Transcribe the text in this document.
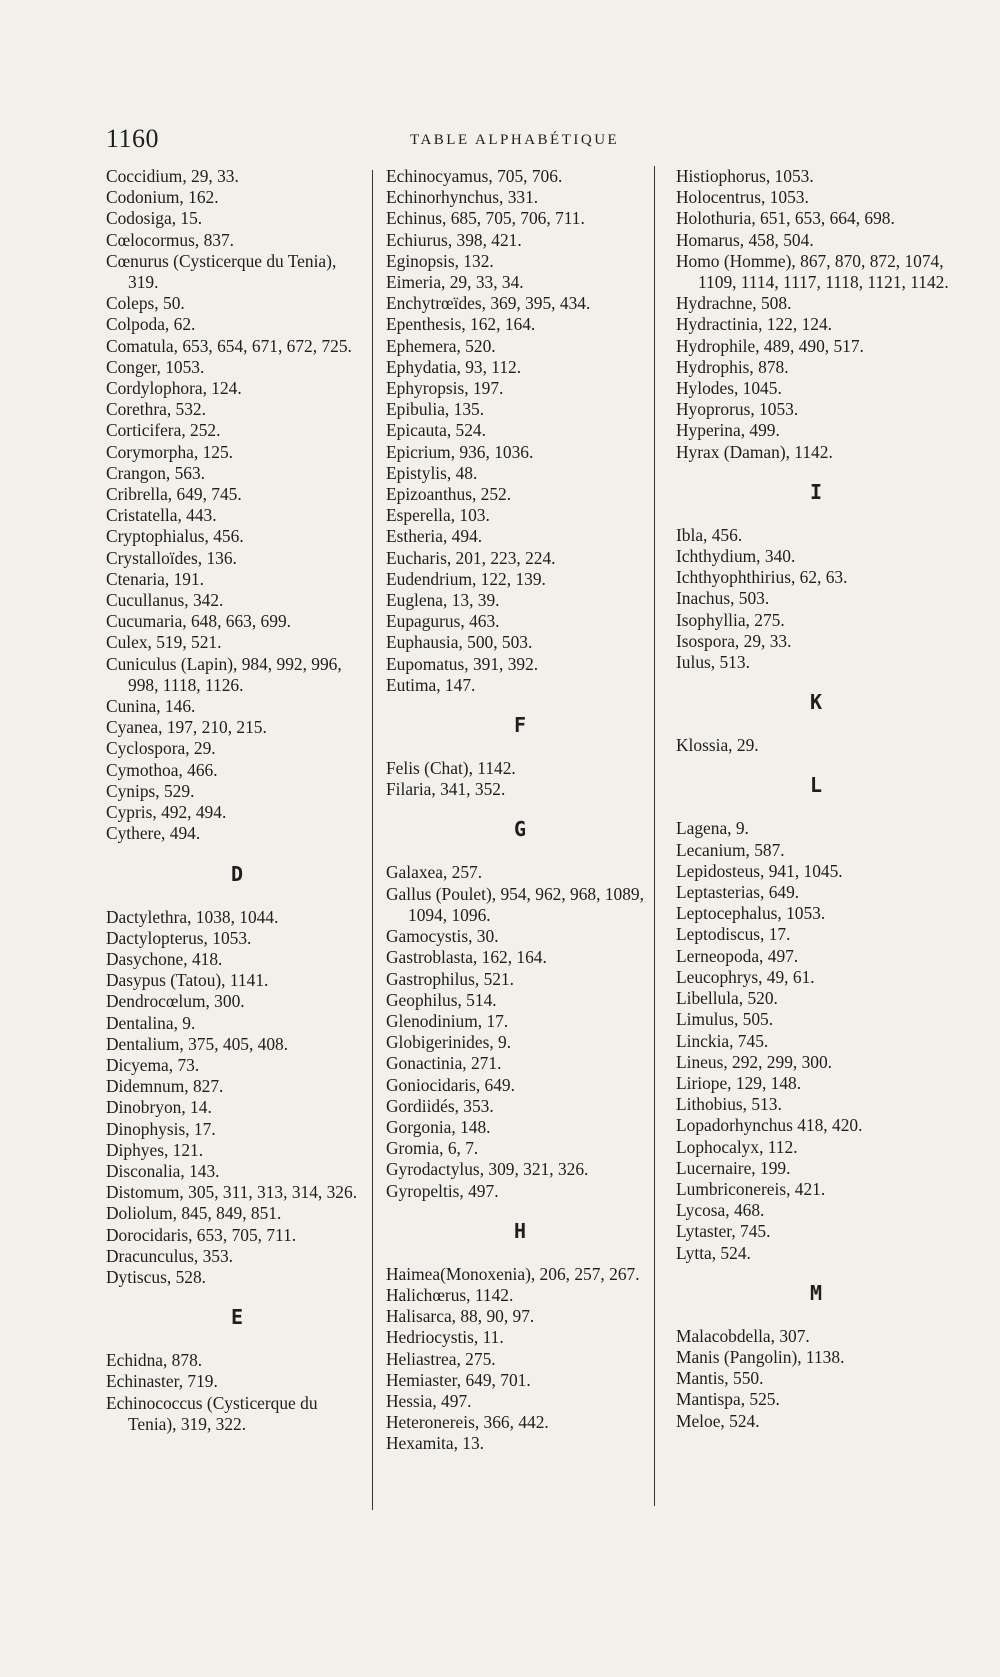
1160	TABLE ALPHABÉTIQUE
Coccidium, 29, 33.
Codonium, 162.
Codosiga, 15.
Cœlocormus, 837.
Cœnurus (Cysticerque du Tenia), 319.
Coleps, 50.
Colpoda, 62.
Comatula, 653, 654, 671, 672, 725.
Conger, 1053.
Cordylophora, 124.
Corethra, 532.
Corticifera, 252.
Corymorpha, 125.
Crangon, 563.
Cribrella, 649, 745.
Cristatella, 443.
Cryptophialus, 456.
Crystalloïdes, 136.
Ctenaria, 191.
Cucullanus, 342.
Cucumaria, 648, 663, 699.
Culex, 519, 521.
Cuniculus (Lapin), 984, 992, 996, 998, 1118, 1126.
Cunina, 146.
Cyanea, 197, 210, 215.
Cyclospora, 29.
Cymothoa, 466.
Cynips, 529.
Cypris, 492, 494.
Cythere, 494.
D
Dactylethra, 1038, 1044.
Dactylopterus, 1053.
Dasychone, 418.
Dasypus (Tatou), 1141.
Dendrocœlum, 300.
Dentalina, 9.
Dentalium, 375, 405, 408.
Dicyema, 73.
Didemnum, 827.
Dinobryon, 14.
Dinophysis, 17.
Diphyes, 121.
Disconalia, 143.
Distomum, 305, 311, 313, 314, 326.
Doliolum, 845, 849, 851.
Dorocidaris, 653, 705, 711.
Dracunculus, 353.
Dytiscus, 528.
E
Echidna, 878.
Echinaster, 719.
Echinococcus (Cysticerque du Tenia), 319, 322.
Echinocyamus, 705, 706.
Echinorhynchus, 331.
Echinus, 685, 705, 706, 711.
Echiurus, 398, 421.
Eginopsis, 132.
Eimeria, 29, 33, 34.
Enchytrœïdes, 369, 395, 434.
Epenthesis, 162, 164.
Ephemera, 520.
Ephydatia, 93, 112.
Ephyropsis, 197.
Epibulia, 135.
Epicauta, 524.
Epicrium, 936, 1036.
Epistylis, 48.
Epizoanthus, 252.
Esperella, 103.
Estheria, 494.
Eucharis, 201, 223, 224.
Eudendrium, 122, 139.
Euglena, 13, 39.
Eupagurus, 463.
Euphausia, 500, 503.
Eupomatus, 391, 392.
Eutima, 147.
F
Felis (Chat), 1142.
Filaria, 341, 352.
G
Galaxea, 257.
Gallus (Poulet), 954, 962, 968, 1089, 1094, 1096.
Gamocystis, 30.
Gastroblasta, 162, 164.
Gastrophilus, 521.
Geophilus, 514.
Glenodinium, 17.
Globigerinides, 9.
Gonactinia, 271.
Goniocidaris, 649.
Gordiidés, 353.
Gorgonia, 148.
Gromia, 6, 7.
Gyrodactylus, 309, 321, 326.
Gyropeltis, 497.
H
Haimea(Monoxenia), 206, 257, 267.
Halichœrus, 1142.
Halisarca, 88, 90, 97.
Hedriocystis, 11.
Heliastrea, 275.
Hemiaster, 649, 701.
Hessia, 497.
Heteronereis, 366, 442.
Hexamita, 13.
Histiophorus, 1053.
Holocentrus, 1053.
Holothuria, 651, 653, 664, 698.
Homarus, 458, 504.
Homo (Homme), 867, 870, 872, 1074, 1109, 1114, 1117, 1118, 1121, 1142.
Hydrachne, 508.
Hydractinia, 122, 124.
Hydrophile, 489, 490, 517.
Hydrophis, 878.
Hylodes, 1045.
Hyoprorus, 1053.
Hyperina, 499.
Hyrax (Daman), 1142.
I
Ibla, 456.
Ichthydium, 340.
Ichthyophthirius, 62, 63.
Inachus, 503.
Isophyllia, 275.
Isospora, 29, 33.
Iulus, 513.
K
Klossia, 29.
L
Lagena, 9.
Lecanium, 587.
Lepidosteus, 941, 1045.
Leptasterias, 649.
Leptocephalus, 1053.
Leptodiscus, 17.
Lerneopoda, 497.
Leucophrys, 49, 61.
Libellula, 520.
Limulus, 505.
Linckia, 745.
Lineus, 292, 299, 300.
Liriope, 129, 148.
Lithobius, 513.
Lopadorhynchus 418, 420.
Lophocalyx, 112.
Lucernaire, 199.
Lumbriconereis, 421.
Lycosa, 468.
Lytaster, 745.
Lytta, 524.
M
Malacobdella, 307.
Manis (Pangolin), 1138.
Mantis, 550.
Mantispa, 525.
Meloe, 524.
